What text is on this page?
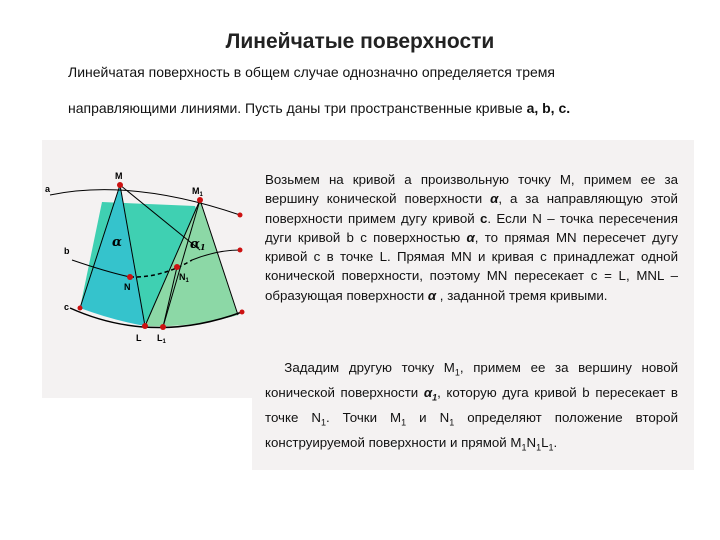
Линейчатые поверхности
Линейчатая поверхность в общем случае однозначно определяется тремя
направляющими линиями. Пусть даны три пространственные кривые a, b, c.
a
b
c
M
$M_1$
N
$N_1$
L $L_1$
α	α1
Возьмем на кривой a произвольную точку M, примем ее за вершину конической поверхности α, а за направляющую этой поверхности примем дугу кривой c. Если N – точка пересечения дуги кривой b с поверхностью α, то прямая MN пересечет дугу кривой с в точке L. Прямая MN и кривая с принадлежат одной конической поверхности, поэтому MN пересекает с = L, MNL – образующая поверхности α , заданной тремя кривыми.
Зададим другую точку $M_1$, примем ее за вершину новой конической поверхности $\alpha_1$, которую дуга кривой b пересекает в точке $N_1$. Точки $M_1$ и $N_1$ определяют положение второй конструируемой поверхности и прямой $M_1N_1L_1$.
